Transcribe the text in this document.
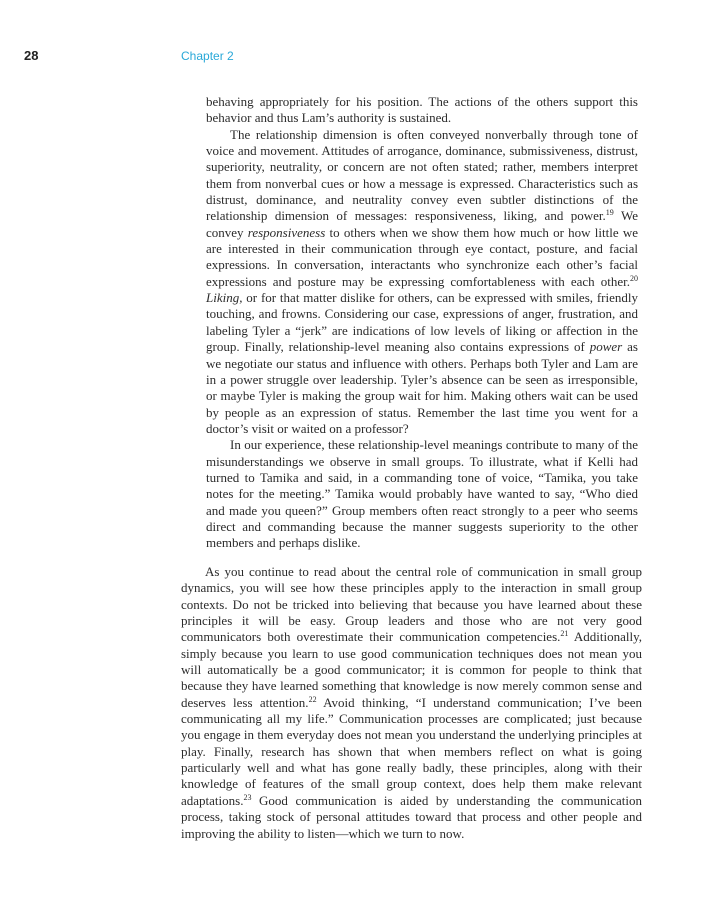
28	Chapter 2

behaving appropriately for his position. The actions of the others support this behavior and thus Lam’s authority is sustained.

The relationship dimension is often conveyed nonverbally through tone of voice and movement. Attitudes of arrogance, dominance, submissiveness, distrust, superiority, neutrality, or concern are not often stated; rather, members interpret them from nonverbal cues or how a message is expressed. Characteristics such as distrust, dominance, and neutrality convey even subtler distinctions of the relationship dimension of messages: responsiveness, liking, and power.$^{19}$ We convey responsiveness to others when we show them how much or how little we are interested in their communication through eye contact, posture, and facial expressions. In conversation, interactants who synchronize each other’s facial expressions and posture may be expressing comfortableness with each other.$^{20}$ Liking, or for that matter dislike for others, can be expressed with smiles, friendly touching, and frowns. Considering our case, expressions of anger, frustration, and labeling Tyler a “jerk” are indications of low levels of liking or affection in the group. Finally, relationship-level meaning also contains expressions of power as we negotiate our status and influence with others. Perhaps both Tyler and Lam are in a power struggle over leadership. Tyler’s absence can be seen as irresponsible, or maybe Tyler is making the group wait for him. Making others wait can be used by people as an expression of status. Remember the last time you went for a doctor’s visit or waited on a professor?

In our experience, these relationship-level meanings contribute to many of the misunderstandings we observe in small groups. To illustrate, what if Kelli had turned to Tamika and said, in a commanding tone of voice, “Tamika, you take notes for the meeting.” Tamika would probably have wanted to say, “Who died and made you queen?” Group members often react strongly to a peer who seems direct and commanding because the manner suggests superiority to the other members and perhaps dislike.

As you continue to read about the central role of communication in small group dynamics, you will see how these principles apply to the interaction in small group contexts. Do not be tricked into believing that because you have learned about these principles it will be easy. Group leaders and those who are not very good communicators both overestimate their communication competencies.$^{21}$ Additionally, simply because you learn to use good communication techniques does not mean you will automatically be a good communicator; it is common for people to think that because they have learned something that knowledge is now merely common sense and deserves less attention.$^{22}$ Avoid thinking, “I understand communication; I’ve been communicating all my life.” Communication processes are complicated; just because you engage in them everyday does not mean you understand the underlying principles at play. Finally, research has shown that when members reflect on what is going particularly well and what has gone really badly, these principles, along with their knowledge of features of the small group context, does help them make relevant adaptations.$^{23}$ Good communication is aided by understanding the communication process, taking stock of personal attitudes toward that process and other people and improving the ability to listen—which we turn to now.
